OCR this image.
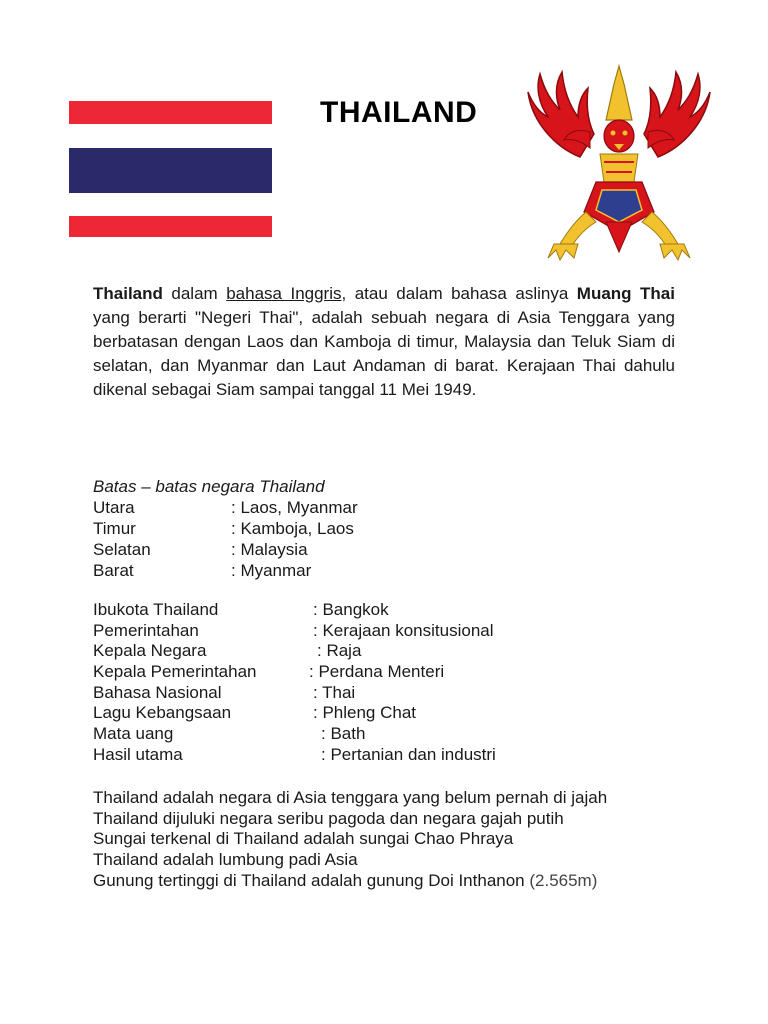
THAILAND
Thailand dalam bahasa Inggris, atau dalam bahasa aslinya Muang Thai yang berarti "Negeri Thai", adalah sebuah negara di Asia Tenggara yang berbatasan dengan Laos dan Kamboja di timur, Malaysia dan Teluk Siam di selatan, dan Myanmar dan Laut Andaman di barat. Kerajaan Thai dahulu dikenal sebagai Siam sampai tanggal 11 Mei 1949.
Batas – batas negara Thailand
Utara	: Laos, Myanmar
Timur	: Kamboja, Laos
Selatan	: Malaysia
Barat	: Myanmar
Ibukota Thailand	: Bangkok
Pemerintahan	: Kerajaan konsitusional
Kepala Negara	: Raja
Kepala Pemerintahan	: Perdana Menteri
Bahasa Nasional	: Thai
Lagu Kebangsaan	: Phleng Chat
Mata uang	: Bath
Hasil utama	: Pertanian dan industri
Thailand adalah negara di Asia tenggara yang belum pernah di jajah
Thailand dijuluki negara seribu pagoda dan negara gajah putih
Sungai terkenal di Thailand adalah sungai Chao Phraya
Thailand adalah lumbung padi Asia
Gunung tertinggi di Thailand adalah gunung Doi Inthanon (2.565m)
